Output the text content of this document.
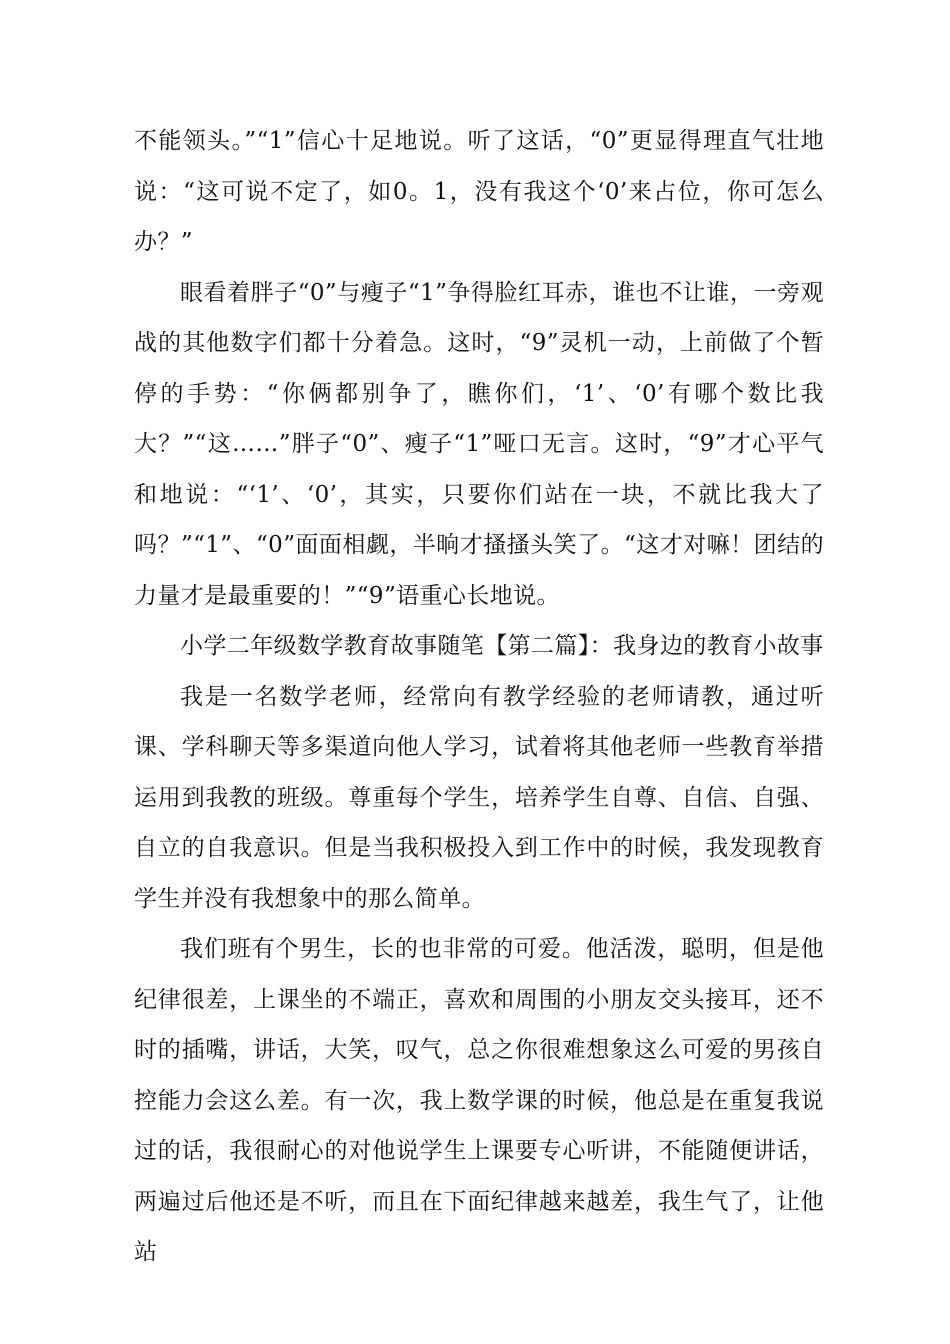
不能领头。”“1”信心十足地说。听了这话，“0”更显得理直气壮地说：“这可说不定了，如0。1，没有我这个‘0’来占位，你可怎么办？”

眼看着胖子“0”与瘦子“1”争得脸红耳赤，谁也不让谁，一旁观战的其他数字们都十分着急。这时，“9”灵机一动，上前做了个暂停的手势：“你俩都别争了，瞧你们，‘1’、‘0’有哪个数比我大？”“这……”胖子“0”、瘦子“1”哑口无言。这时，“9”才心平气和地说：“‘1’、‘0’，其实，只要你们站在一块，不就比我大了吗？”“1”、“0”面面相觑，半晌才搔搔头笑了。“这才对嘛！团结的力量才是最重要的！”“9”语重心长地说。

小学二年级数学教育故事随笔【第二篇】：我身边的教育小故事

我是一名数学老师，经常向有教学经验的老师请教，通过听课、学科聊天等多渠道向他人学习，试着将其他老师一些教育举措运用到我教的班级。尊重每个学生，培养学生自尊、自信、自强、自立的自我意识。但是当我积极投入到工作中的时候，我发现教育学生并没有我想象中的那么简单。

我们班有个男生，长的也非常的可爱。他活泼，聪明，但是他纪律很差，上课坐的不端正，喜欢和周围的小朋友交头接耳，还不时的插嘴，讲话，大笑，叹气，总之你很难想象这么可爱的男孩自控能力会这么差。有一次，我上数学课的时候，他总是在重复我说过的话，我很耐心的对他说学生上课要专心听讲，不能随便讲话，两遍过后他还是不听，而且在下面纪律越来越差，我生气了，让他站
